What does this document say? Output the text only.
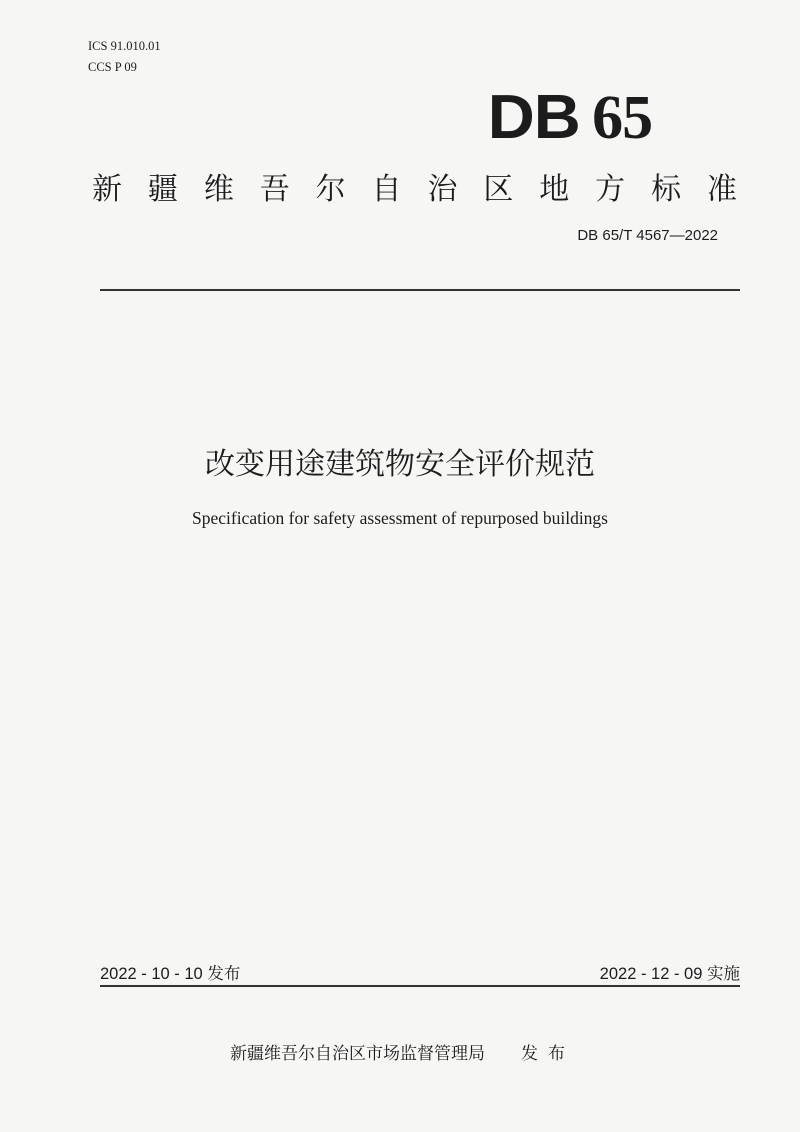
ICS 91.010.01
CCS P 09
DB 65
新 疆 维 吾 尔 自 治 区 地 方 标 准
DB 65/T 4567—2022
改变用途建筑物安全评价规范
Specification for safety assessment of repurposed buildings
2022 - 10 - 10 发布	2022 - 12 - 09 实施
新疆维吾尔自治区市场监督管理局 发布
